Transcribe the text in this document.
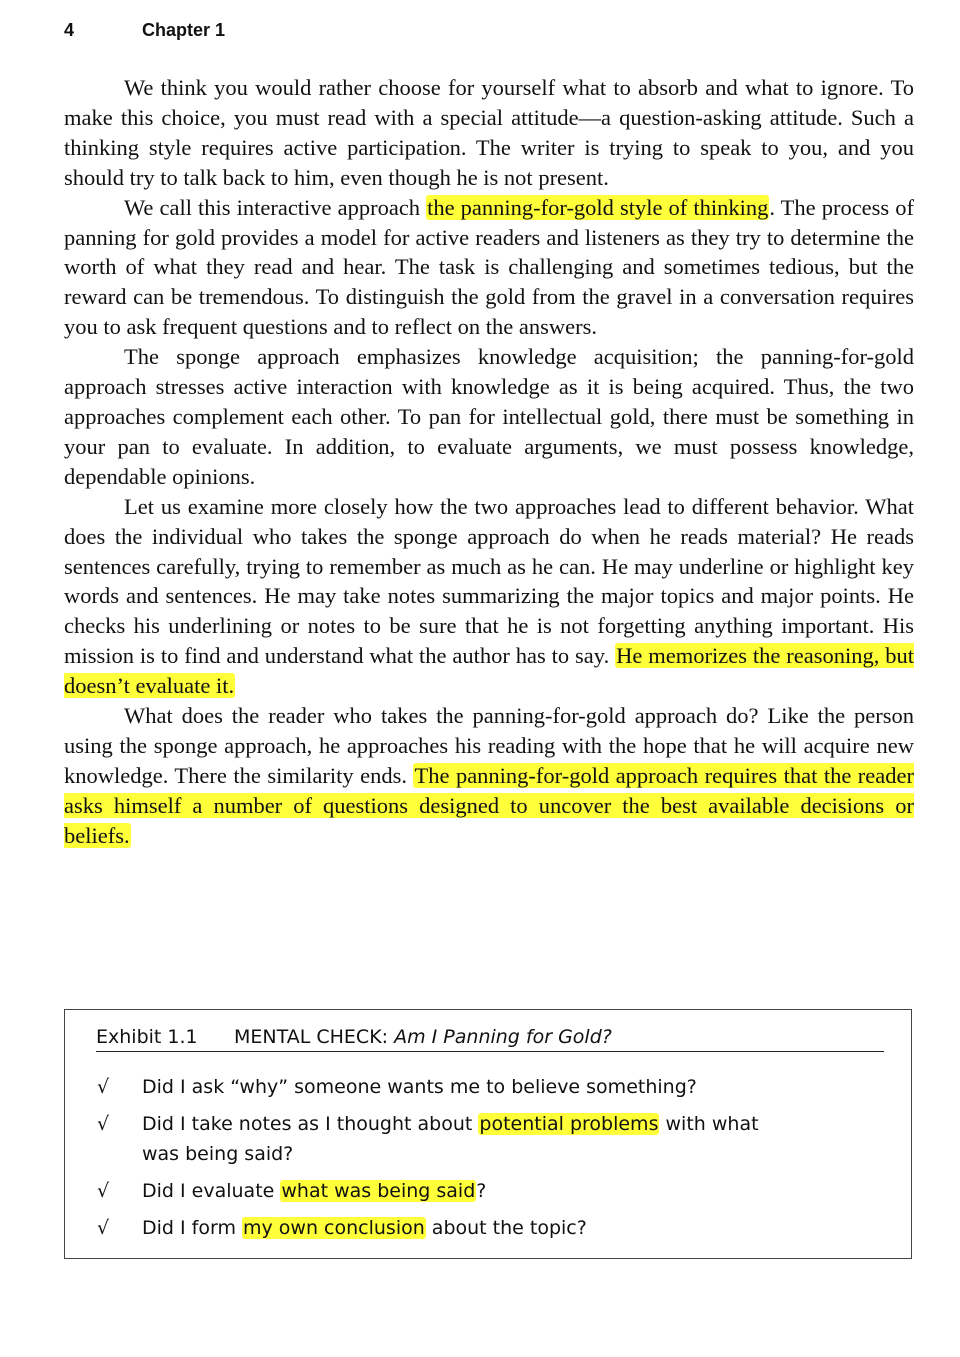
4	Chapter 1

We think you would rather choose for yourself what to absorb and what to ignore. To make this choice, you must read with a special attitude—a question-asking attitude. Such a thinking style requires active participation. The writer is trying to speak to you, and you should try to talk back to him, even though he is not present.

We call this interactive approach the panning-for-gold style of thinking. The process of panning for gold provides a model for active readers and listeners as they try to determine the worth of what they read and hear. The task is challenging and sometimes tedious, but the reward can be tremendous. To distinguish the gold from the gravel in a conversation requires you to ask frequent questions and to reflect on the answers.

The sponge approach emphasizes knowledge acquisition; the panning-for-gold approach stresses active interaction with knowledge as it is being acquired. Thus, the two approaches complement each other. To pan for intellectual gold, there must be something in your pan to evaluate. In addition, to evaluate arguments, we must possess knowledge, dependable opinions.

Let us examine more closely how the two approaches lead to different behavior. What does the individual who takes the sponge approach do when he reads material? He reads sentences carefully, trying to remember as much as he can. He may underline or highlight key words and sentences. He may take notes summarizing the major topics and major points. He checks his underlining or notes to be sure that he is not forgetting anything important. His mission is to find and understand what the author has to say. He memorizes the reasoning, but doesn’t evaluate it.

What does the reader who takes the panning-for-gold approach do? Like the person using the sponge approach, he approaches his reading with the hope that he will acquire new knowledge. There the similarity ends. The panning-for-gold approach requires that the reader asks himself a number of questions designed to uncover the best available decisions or beliefs.

Exhibit 1.1 MENTAL CHECK: Am I Panning for Gold?
√ Did I ask “why” someone wants me to believe something?
√ Did I take notes as I thought about potential problems with what was being said?
√ Did I evaluate what was being said?
√ Did I form my own conclusion about the topic?
